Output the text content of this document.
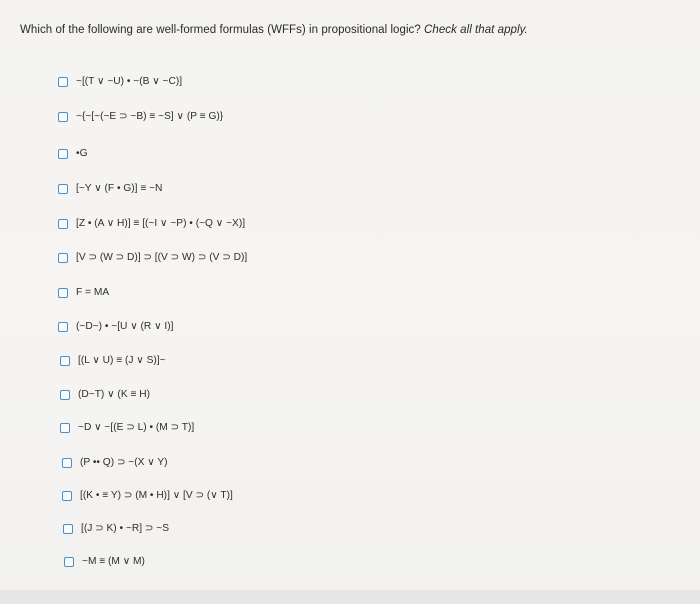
Which of the following are well-formed formulas (WFFs) in propositional logic? Check all that apply.
~[(T ∨ ~U) • ~(B ∨ ~C)]
~{~[~(~E ⊃ ~B) ≡ ~S] ∨ (P ≡ G)}
•G
[~Y ∨ (F • G)] ≡ ~N
[Z • (A ∨ H)] ≡ [(~I ∨ ~P) • (~Q ∨ ~X)]
[V ⊃ (W ⊃ D)] ⊃ [(V ⊃ W) ⊃ (V ⊃ D)]
F = MA
(~D~) • ~[U ∨ (R ∨ I)]
[(L ∨ U) ≡ (J ∨ S)]~
(D~T) ∨ (K ≡ H)
~D ∨ ~[(E ⊃ L) • (M ⊃ T)]
(P •• Q) ⊃ ~(X ∨ Y)
[(K • ≡ Y) ⊃ (M • H)] ∨ [V ⊃ (∨ T)]
[(J ⊃ K) • ~R] ⊃ ~S
~M ≡ (M ∨ M)
